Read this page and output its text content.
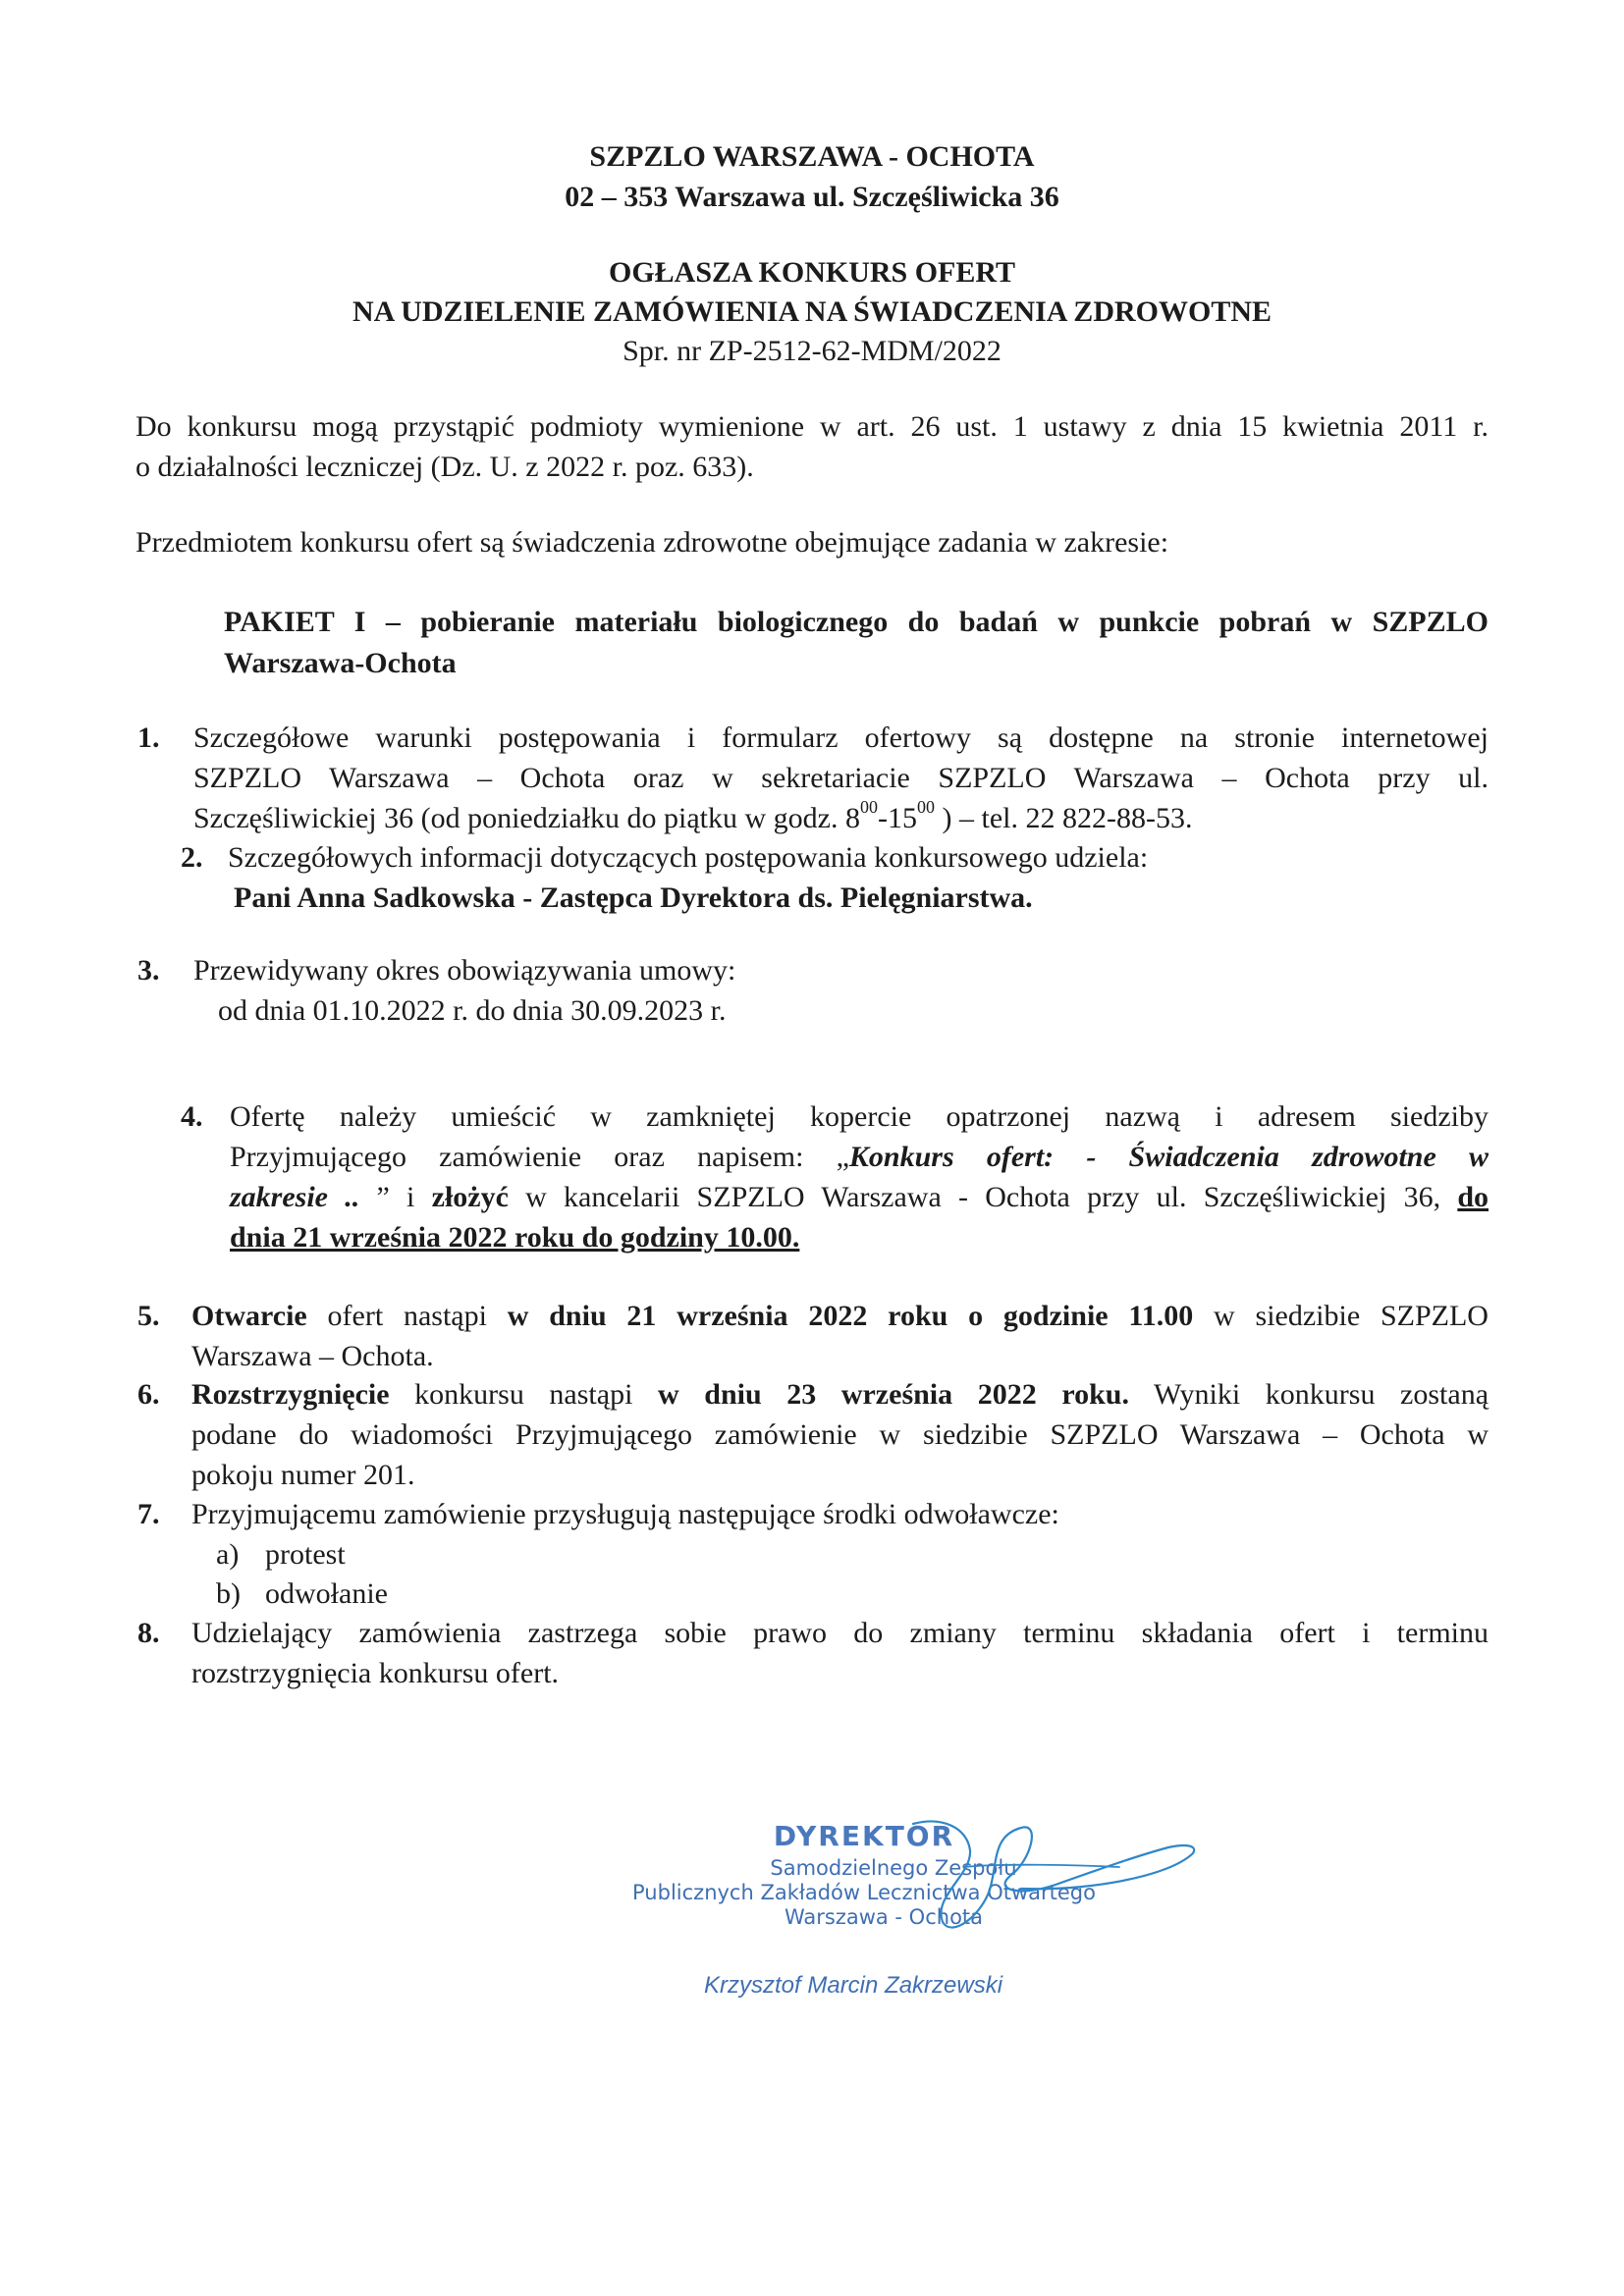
SZPZLO WARSZAWA - OCHOTA
02 – 353 Warszawa ul. Szczęśliwicka 36
OGŁASZA KONKURS OFERT
NA UDZIELENIE ZAMÓWIENIA NA ŚWIADCZENIA ZDROWOTNE
Spr. nr ZP-2512-62-MDM/2022
Do konkursu mogą przystąpić podmioty wymienione w art. 26 ust. 1 ustawy z dnia 15 kwietnia 2011 r.
o działalności leczniczej (Dz. U. z 2022 r. poz. 633).
Przedmiotem konkursu ofert są świadczenia zdrowotne obejmujące zadania w zakresie:
PAKIET I – pobieranie materiału biologicznego do badań w punkcie pobrań w SZPZLO
Warszawa-Ochota
1. Szczegółowe warunki postępowania i formularz ofertowy są dostępne na stronie internetowej
SZPZLO Warszawa – Ochota oraz w sekretariacie SZPZLO Warszawa – Ochota przy ul.
Szczęśliwickiej 36 (od poniedziałku do piątku w godz. $8^{00}-15^{00}$ ) – tel. 22 822-88-53.
2. Szczegółowych informacji dotyczących postępowania konkursowego udziela:
Pani Anna Sadkowska - Zastępca Dyrektora ds. Pielęgniarstwa.
3. Przewidywany okres obowiązywania umowy:
od dnia 01.10.2022 r. do dnia 30.09.2023 r.
4. Ofertę należy umieścić w zamkniętej kopercie opatrzonej nazwą i adresem siedziby
Przyjmującego zamówienie oraz napisem: „Konkurs ofert: - Świadczenia zdrowotne w
zakresie .. ” i złożyć w kancelarii SZPZLO Warszawa - Ochota przy ul. Szczęśliwickiej 36, do
dnia 21 września 2022 roku do godziny 10.00.
5. Otwarcie ofert nastąpi w dniu 21 września 2022 roku o godzinie 11.00 w siedzibie SZPZLO
Warszawa – Ochota.
6. Rozstrzygnięcie konkursu nastąpi w dniu 23 września 2022 roku. Wyniki konkursu zostaną
podane do wiadomości Przyjmującego zamówienie w siedzibie SZPZLO Warszawa – Ochota w
pokoju numer 201.
7. Przyjmującemu zamówienie przysługują następujące środki odwoławcze:
a) protest
b) odwołanie
8. Udzielający zamówienia zastrzega sobie prawo do zmiany terminu składania ofert i terminu
rozstrzygnięcia konkursu ofert.
DYREKTOR
Samodzielnego Zespołu
Publicznych Zakładów Lecznictwa Otwartego
Warszawa - Ochota
Krzysztof Marcin Zakrzewski
